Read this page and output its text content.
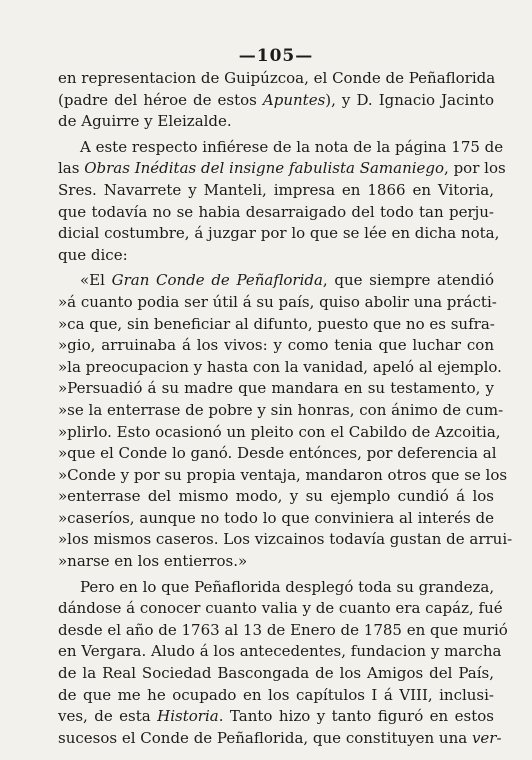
—105—
en representacion de Guipúzcoa, el Conde de Peñaflorida
(padre del héroe de estos Apuntes), y D. Ignacio Jacinto
de Aguirre y Eleizalde.
A este respecto infiérese de la nota de la página 175 de
las Obras Inéditas del insigne fabulista Samaniego, por los
Sres. Navarrete y Manteli, impresa en 1866 en Vitoria,
que todavía no se habia desarraigado del todo tan perju-
dicial costumbre, á juzgar por lo que se lée en dicha nota,
que dice:
«El Gran Conde de Peñaflorida, que siempre atendió
»á cuanto podia ser útil á su país, quiso abolir una prácti-
»ca que, sin beneficiar al difunto, puesto que no es sufra-
»gio, arruinaba á los vivos: y como tenia que luchar con
»la preocupacion y hasta con la vanidad, apeló al ejemplo.
»Persuadió á su madre que mandara en su testamento, y
»se la enterrase de pobre y sin honras, con ánimo de cum-
»plirlo. Esto ocasionó un pleito con el Cabildo de Azcoitia,
»que el Conde lo ganó. Desde entónces, por deferencia al
»Conde y por su propia ventaja, mandaron otros que se los
»enterrase del mismo modo, y su ejemplo cundió á los
»caseríos, aunque no todo lo que conviniera al interés de
»los mismos caseros. Los vizcainos todavía gustan de arrui-
»narse en los entierros.»
Pero en lo que Peñaflorida desplegó toda su grandeza,
dándose á conocer cuanto valia y de cuanto era capáz, fué
desde el año de 1763 al 13 de Enero de 1785 en que murió
en Vergara. Aludo á los antecedentes, fundacion y marcha
de la Real Sociedad Bascongada de los Amigos del País,
de que me he ocupado en los capítulos I á VIII, inclusi-
ves, de esta Historia. Tanto hizo y tanto figuró en estos
sucesos el Conde de Peñaflorida, que constituyen una ver-
